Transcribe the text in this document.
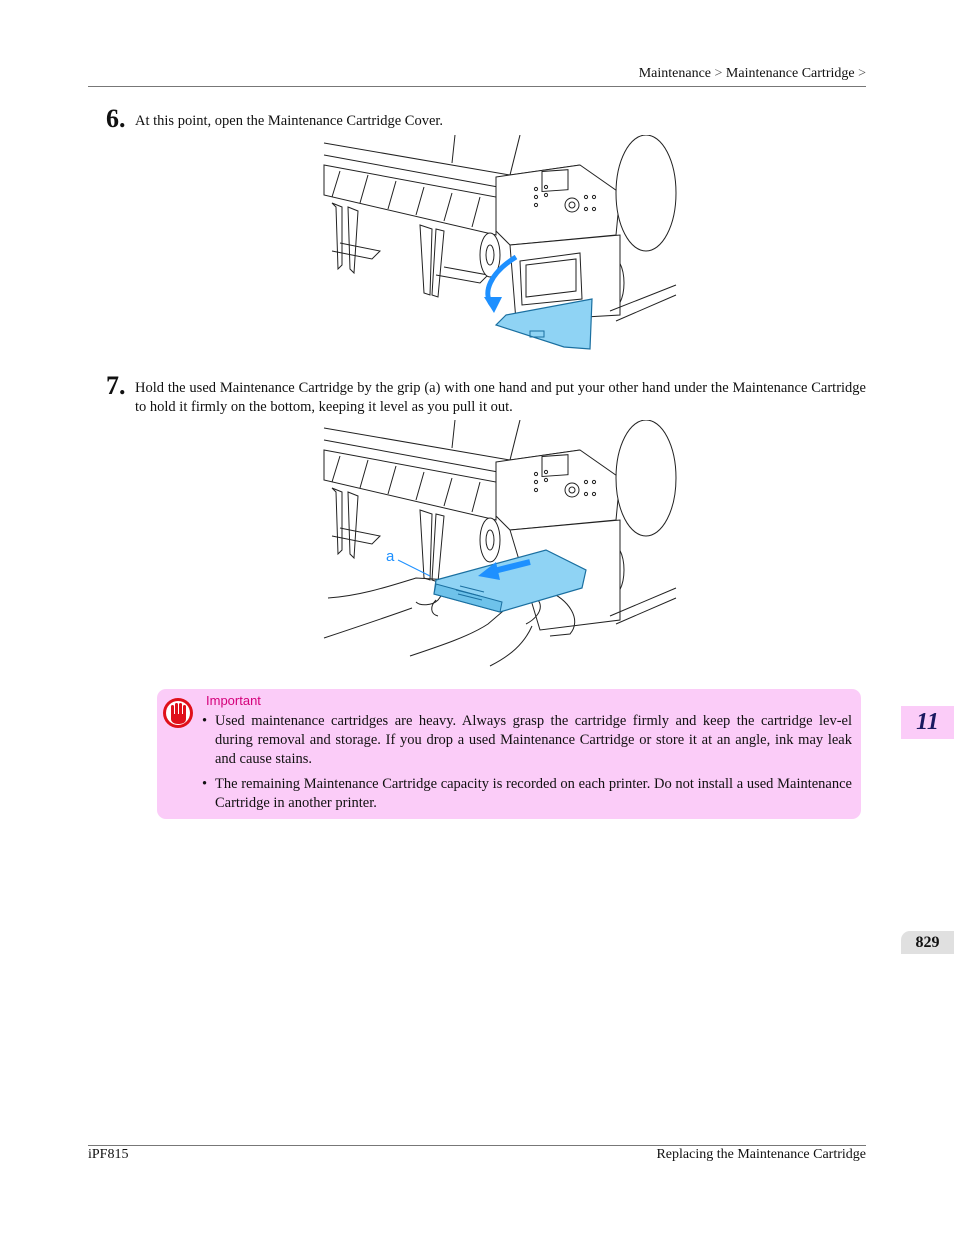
Maintenance > Maintenance Cartridge >
6. At this point, open the Maintenance Cartridge Cover.
7. Hold the used Maintenance Cartridge by the grip (a) with one hand and put your other hand under the Maintenance Cartridge to hold it firmly on the bottom, keeping it level as you pull it out.
a
Important
• Used maintenance cartridges are heavy. Always grasp the cartridge firmly and keep the cartridge lev-el during removal and storage. If you drop a used Maintenance Cartridge or store it at an angle, ink may leak and cause stains.
• The remaining Maintenance Cartridge capacity is recorded on each printer. Do not install a used Maintenance Cartridge in another printer.
11
829
iPF815	Replacing the Maintenance Cartridge
